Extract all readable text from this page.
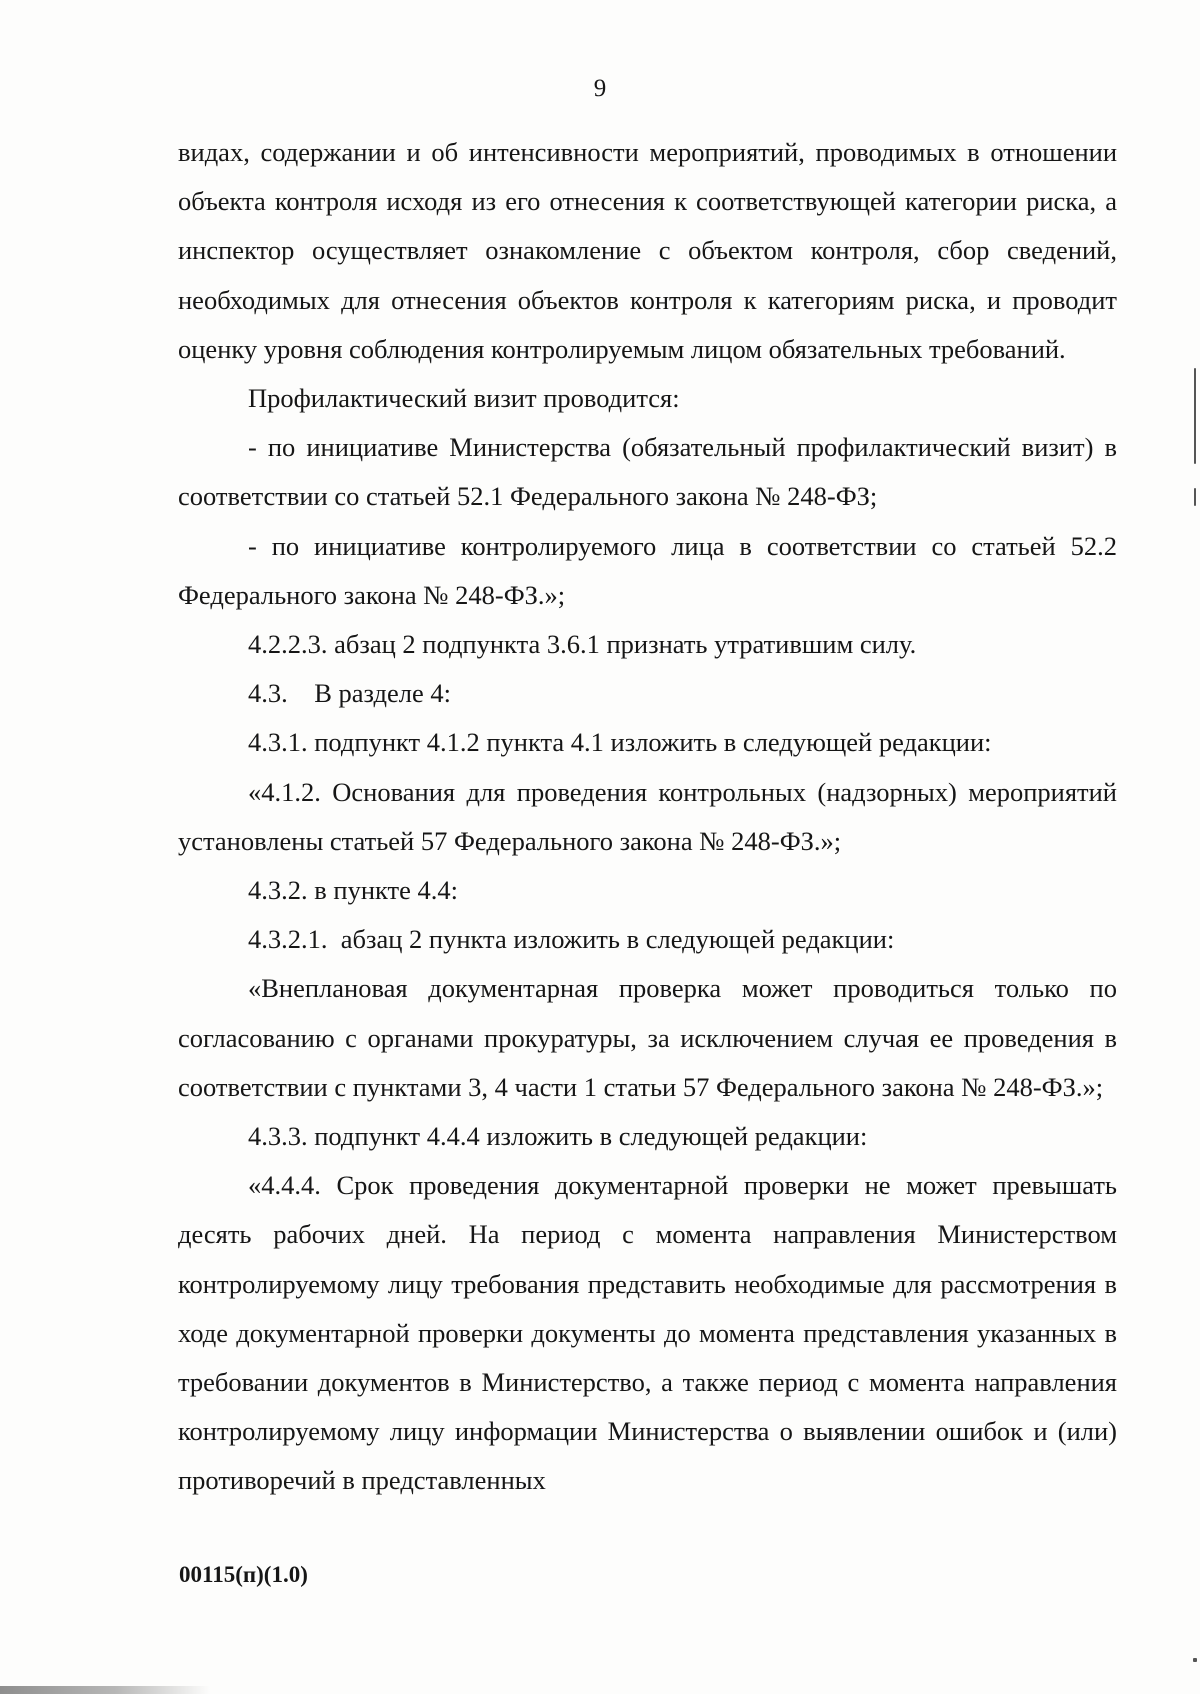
9

видах, содержании и об интенсивности мероприятий, проводимых в отношении объекта контроля исходя из его отнесения к соответствующей категории риска, а инспектор осуществляет ознакомление с объектом контроля, сбор сведений, необходимых для отнесения объектов контроля к категориям риска, и проводит оценку уровня соблюдения контролируемым лицом обязательных требований.

Профилактический визит проводится:

- по инициативе Министерства (обязательный профилактический визит) в соответствии со статьей 52.1 Федерального закона № 248-ФЗ;

- по инициативе контролируемого лица в соответствии со статьей 52.2 Федерального закона № 248-ФЗ.»;

4.2.2.3. абзац 2 подпункта 3.6.1 признать утратившим силу.

4.3. В разделе 4:

4.3.1. подпункт 4.1.2 пункта 4.1 изложить в следующей редакции:

«4.1.2. Основания для проведения контрольных (надзорных) мероприятий установлены статьей 57 Федерального закона № 248-ФЗ.»;

4.3.2. в пункте 4.4:

4.3.2.1. абзац 2 пункта изложить в следующей редакции:

«Внеплановая документарная проверка может проводиться только по согласованию с органами прокуратуры, за исключением случая ее проведения в соответствии с пунктами 3, 4 части 1 статьи 57 Федерального закона № 248-ФЗ.»;

4.3.3. подпункт 4.4.4 изложить в следующей редакции:

«4.4.4. Срок проведения документарной проверки не может превышать десять рабочих дней. На период с момента направления Министерством контролируемому лицу требования представить необходимые для рассмотрения в ходе документарной проверки документы до момента представления указанных в требовании документов в Министерство, а также период с момента направления контролируемому лицу информации Министерства о выявлении ошибок и (или) противоречий в представленных

00115(п)(1.0)
